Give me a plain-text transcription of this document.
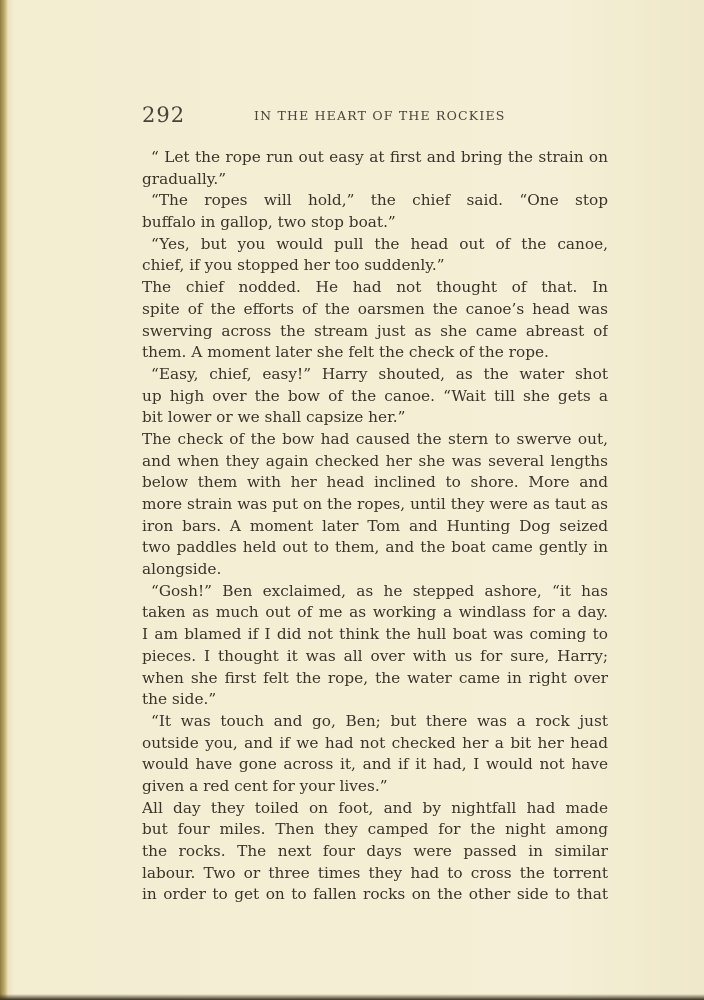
292	IN THE HEART OF THE ROCKIES
“ Let the rope run out easy at first and bring the strain on
gradually.”
“The ropes will hold,” the chief said. “One stop
buffalo in gallop, two stop boat.”
“Yes, but you would pull the head out of the canoe,
chief, if you stopped her too suddenly.”
The chief nodded. He had not thought of that. In
spite of the efforts of the oarsmen the canoe’s head was
swerving across the stream just as she came abreast of
them. A moment later she felt the check of the rope.
“Easy, chief, easy!” Harry shouted, as the water shot
up high over the bow of the canoe. “Wait till she gets a
bit lower or we shall capsize her.”
The check of the bow had caused the stern to swerve out,
and when they again checked her she was several lengths
below them with her head inclined to shore. More and
more strain was put on the ropes, until they were as taut as
iron bars. A moment later Tom and Hunting Dog seized
two paddles held out to them, and the boat came gently in
alongside.
“Gosh!” Ben exclaimed, as he stepped ashore, “it has
taken as much out of me as working a windlass for a day.
I am blamed if I did not think the hull boat was coming to
pieces. I thought it was all over with us for sure, Harry;
when she first felt the rope, the water came in right over
the side.”
“It was touch and go, Ben; but there was a rock just
outside you, and if we had not checked her a bit her head
would have gone across it, and if it had, I would not have
given a red cent for your lives.”
All day they toiled on foot, and by nightfall had made
but four miles. Then they camped for the night among
the rocks. The next four days were passed in similar
labour. Two or three times they had to cross the torrent
in order to get on to fallen rocks on the other side to that
